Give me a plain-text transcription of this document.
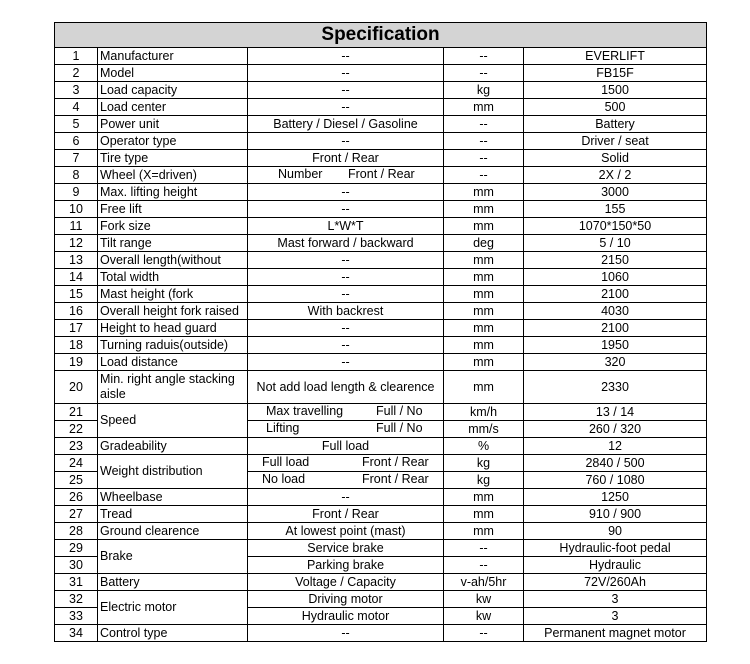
Specification				
1	Manufacturer	--	--	EVERLIFT
2	Model	--	--	FB15F
3	Load capacity	--	kg	1500
4	Load center	--	mm	500
5	Power unit	Battery / Diesel / Gasoline	--	Battery
6	Operator type	--	--	Driver / seat
7	Tire type	Front / Rear	--	Solid
8	Wheel (X=driven)	Number Front / Rear	--	2X / 2
9	Max. lifting height	--	mm	3000
10	Free lift	--	mm	155
11	Fork size	L*W*T	mm	1070*150*50
12	Tilt range	Mast forward / backward	deg	5 / 10
13	Overall length(without	--	mm	2150
14	Total width	--	mm	1060
15	Mast height (fork	--	mm	2100
16	Overall height fork raised	With backrest	mm	4030
17	Height to head guard	--	mm	2100
18	Turning raduis(outside)	--	mm	1950
19	Load distance	--	mm	320
20	Min. right angle stacking aisle	Not add load length & clearence	mm	2330
21	Speed	Max travelling Full / No	km/h	13 / 14
22		Lifting Full / No	mm/s	260 / 320
23	Gradeability	Full load	%	12
24	Weight distribution	Full load Front / Rear	kg	2840 / 500
25		No load Front / Rear	kg	760 / 1080
26	Wheelbase	--	mm	1250
27	Tread	Front / Rear	mm	910 / 900
28	Ground clearence	At lowest point (mast)	mm	90
29	Brake	Service brake	--	Hydraulic-foot pedal
30		Parking brake	--	Hydraulic
31	Battery	Voltage / Capacity	v-ah/5hr	72V/260Ah
32	Electric motor	Driving motor	kw	3
33		Hydraulic motor	kw	3
34	Control type	--	--	Permanent magnet motor
